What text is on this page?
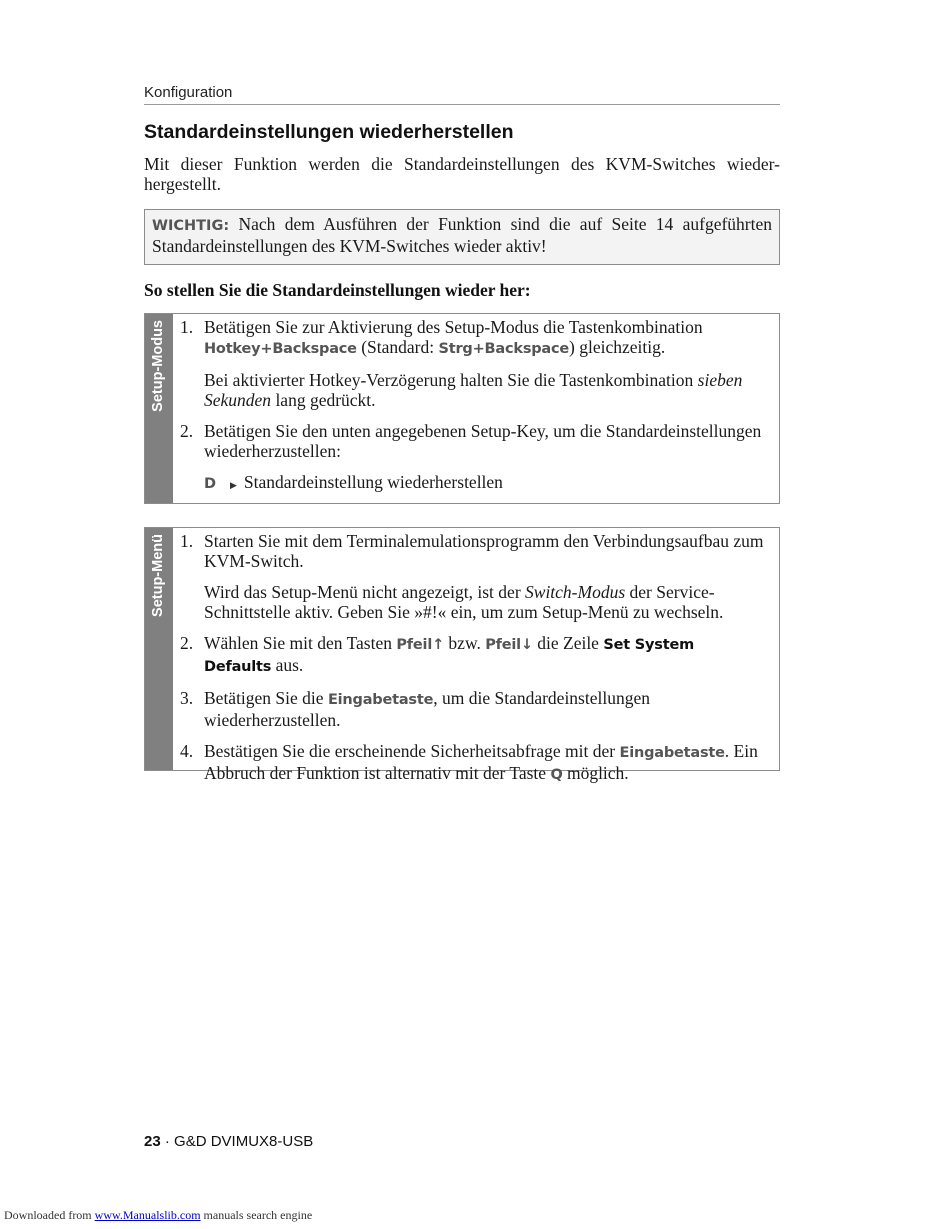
Konfiguration
Standardeinstellungen wiederherstellen

Mit dieser Funktion werden die Standardeinstellungen des KVM-Switches wieder-hergestellt.

WICHTIG: Nach dem Ausführen der Funktion sind die auf Seite 14 aufgeführten Standardeinstellungen des KVM-Switches wieder aktiv!

So stellen Sie die Standardeinstellungen wieder her:

Setup-Modus 1. Betätigen Sie zur Aktivierung des Setup-Modus die Tastenkombination Hotkey+Backspace (Standard: Strg+Backspace) gleichzeitig.

Bei aktivierter Hotkey-Verzögerung halten Sie die Tastenkombination sieben Sekunden lang gedrückt.

2. Betätigen Sie den unten angegebenen Setup-Key, um die Standardeinstellungen wiederherzustellen:

D	▶ Standardeinstellung wiederherstellen
Setup-Menü 1. Starten Sie mit dem Terminalemulationsprogramm den Verbindungsaufbau zum KVM-Switch.

Wird das Setup-Menü nicht angezeigt, ist der Switch-Modus der Service-Schnittstelle aktiv. Geben Sie »#!« ein, um zum Setup-Menü zu wechseln.

2. Wählen Sie mit den Tasten Pfeil↑ bzw. Pfeil↓ die Zeile Set System Defaults aus.

3. Betätigen Sie die Eingabetaste, um die Standardeinstellungen wiederherzustellen.

4. Bestätigen Sie die erscheinende Sicherheitsabfrage mit der Eingabetaste. Ein Abbruch der Funktion ist alternativ mit der Taste Q möglich.

23 · G&D DVIMUX8-USB
Downloaded from www.Manualslib.com manuals search engine
